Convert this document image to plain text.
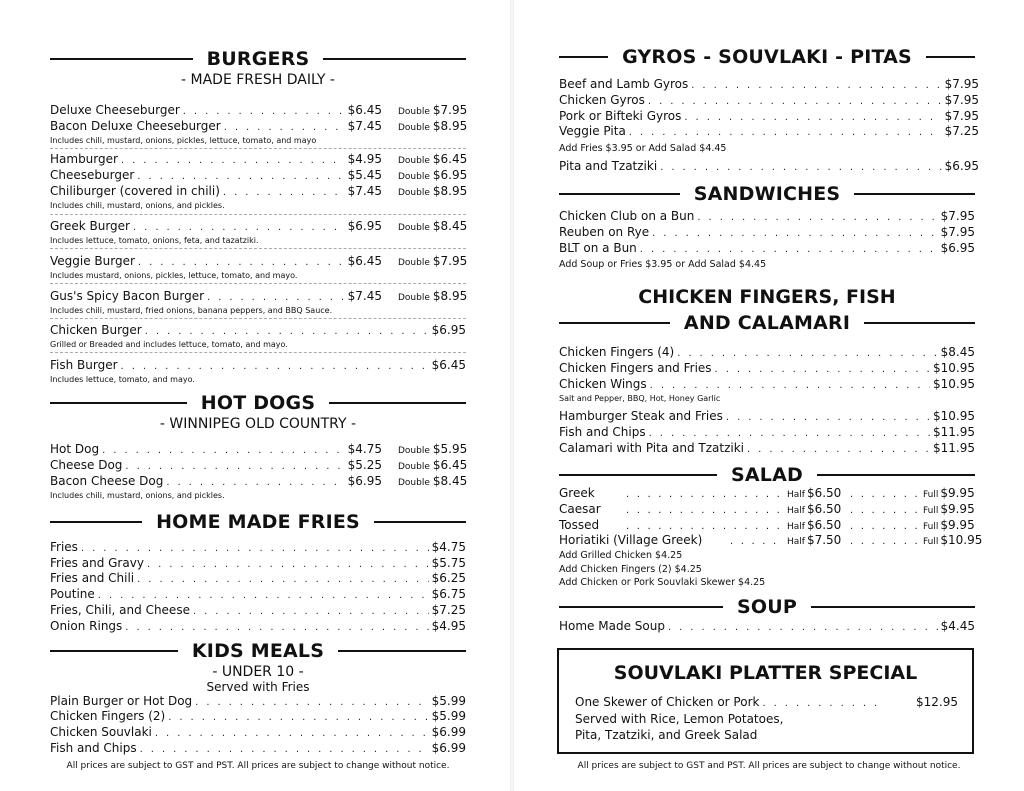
BURGERS
- MADE FRESH DAILY -
Deluxe Cheeseburger . . .	$6.45 Double $7.95
Bacon Deluxe Cheeseburger . . .	$7.45 Double $8.95
Includes chili, mustard, onions, pickles, lettuce, tomato, and mayo
Hamburger . . .	$4.95 Double $6.45
Cheeseburger . . .	$5.45 Double $6.95
Chiliburger (covered in chili) . . .	$7.45 Double $8.95
Includes chili, mustard, onions, and pickles.
Greek Burger . . .	$6.95 Double $8.45
Includes lettuce, tomato, onions, feta, and tazatziki.
Veggie Burger . . .	$6.45 Double $7.95
Includes mustard, onions, pickles, lettuce, tomato, and mayo.
Gus's Spicy Bacon Burger . . .	$7.45 Double $8.95
Includes chili, mustard, fried onions, banana peppers, and BBQ Sauce.
Chicken Burger . . .	$6.95
Grilled or Breaded and includes lettuce, tomato, and mayo.
Fish Burger . . .	$6.45
Includes lettuce, tomato, and mayo.
HOT DOGS
- WINNIPEG OLD COUNTRY -
Hot Dog . . .	$4.75 Double $5.95
Cheese Dog . . .	$5.25 Double $6.45
Bacon Cheese Dog . . .	$6.95 Double $8.45
Includes chili, mustard, onions, and pickles.
HOME MADE FRIES
Fries . . .	$4.75
Fries and Gravy . . .	$5.75
Fries and Chili . . .	$6.25
Poutine . . .	$6.75
Fries, Chili, and Cheese . . .	$7.25
Onion Rings . . .	$4.95
KIDS MEALS
- UNDER 10 -
Served with Fries
Plain Burger or Hot Dog . . .	$5.99
Chicken Fingers (2) . . .	$5.99
Chicken Souvlaki . . .	$6.99
Fish and Chips . . .	$6.99
All prices are subject to GST and PST. All prices are subject to change without notice.
GYROS - SOUVLAKI - PITAS
Beef and Lamb Gyros . . .	$7.95
Chicken Gyros . . .	$7.95
Pork or Bifteki Gyros . . .	$7.95
Veggie Pita . . .	$7.25
Add Fries $3.95 or Add Salad $4.45
Pita and Tzatziki . . .	$6.95
SANDWICHES
Chicken Club on a Bun . . .	$7.95
Reuben on Rye . . .	$7.95
BLT on a Bun . . .	$6.95
Add Soup or Fries $3.95 or Add Salad $4.45
CHICKEN FINGERS, FISH
AND CALAMARI
Chicken Fingers (4) . . .	$8.45
Chicken Fingers and Fries . . .	$10.95
Chicken Wings . . .	$10.95
Salt and Pepper, BBQ, Hot, Honey Garlic
Hamburger Steak and Fries . . .	$10.95
Fish and Chips . . .	$11.95
Calamari with Pita and Tzatziki . . .	$11.95
SALAD
Greek . . .	Half $6.50 . . .	Full $9.95
Caesar . . .	Half $6.50 . . .	Full $9.95
Tossed . . .	Half $6.50 . . .	Full $9.95
Horiatiki (Village Greek) . . .	Half $7.50 . . .	Full $10.95
Add Grilled Chicken $4.25
Add Chicken Fingers (2) $4.25
Add Chicken or Pork Souvlaki Skewer $4.25
SOUP
Home Made Soup . . .	$4.45
SOUVLAKI PLATTER SPECIAL
One Skewer of Chicken or Pork . . .	$12.95
Served with Rice, Lemon Potatoes,
Pita, Tzatziki, and Greek Salad
All prices are subject to GST and PST. All prices are subject to change without notice.
